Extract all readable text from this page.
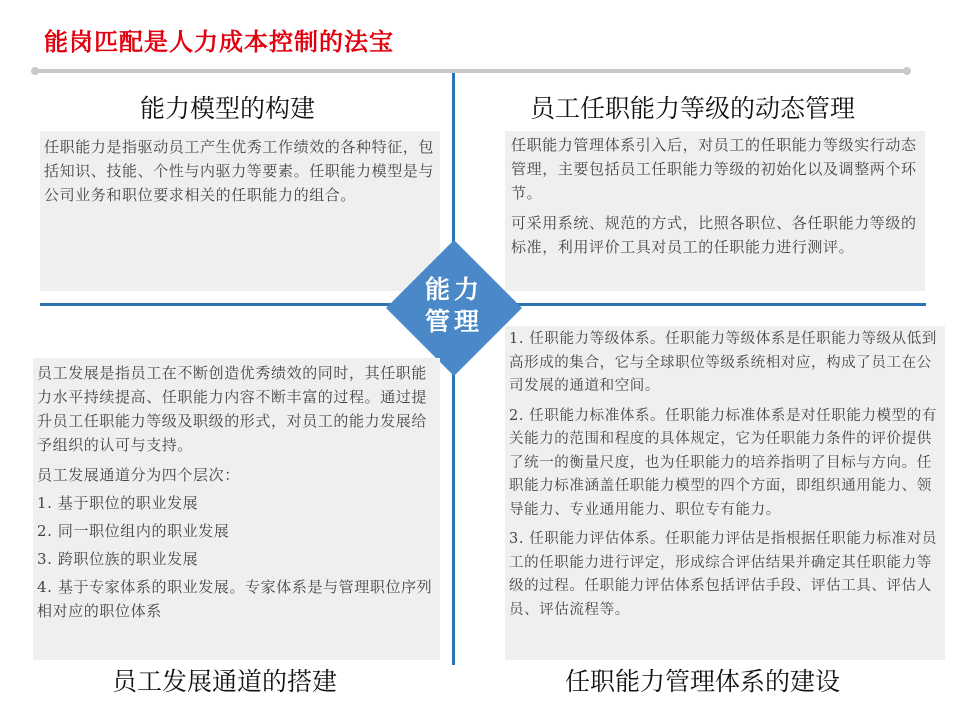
能岗匹配是人力成本控制的法宝
能力模型的构建

任职能力是指驱动员工产生优秀工作绩效的各种特征，包括知识、技能、个性与内驱力等要素。任职能力模型是与公司业务和职位要求相关的任职能力的组合。

员工任职能力等级的动态管理

任职能力管理体系引入后，对员工的任职能力等级实行动态管理，主要包括员工任职能力等级的初始化以及调整两个环节。

可采用系统、规范的方式，比照各职位、各任职能力等级的标准，利用评价工具对员工的任职能力进行测评。

能力
管理

员工发展是指员工在不断创造优秀绩效的同时，其任职能力水平持续提高、任职能力内容不断丰富的过程。通过提升员工任职能力等级及职级的形式，对员工的能力发展给予组织的认可与支持。

员工发展通道分为四个层次：

1. 基于职位的职业发展

2. 同一职位组内的职业发展

3. 跨职位族的职业发展

4. 基于专家体系的职业发展。专家体系是与管理职位序列相对应的职位体系

员工发展通道的搭建

1. 任职能力等级体系。任职能力等级体系是任职能力等级从低到高形成的集合，它与全球职位等级系统相对应，构成了员工在公司发展的通道和空间。

2. 任职能力标准体系。任职能力标准体系是对任职能力模型的有关能力的范围和程度的具体规定，它为任职能力条件的评价提供了统一的衡量尺度，也为任职能力的培养指明了目标与方向。任职能力标准涵盖任职能力模型的四个方面，即组织通用能力、领导能力、专业通用能力、职位专有能力。

3. 任职能力评估体系。任职能力评估是指根据任职能力标准对员工的任职能力进行评定，形成综合评估结果并确定其任职能力等级的过程。任职能力评估体系包括评估手段、评估工具、评估人员、评估流程等。

任职能力管理体系的建设
